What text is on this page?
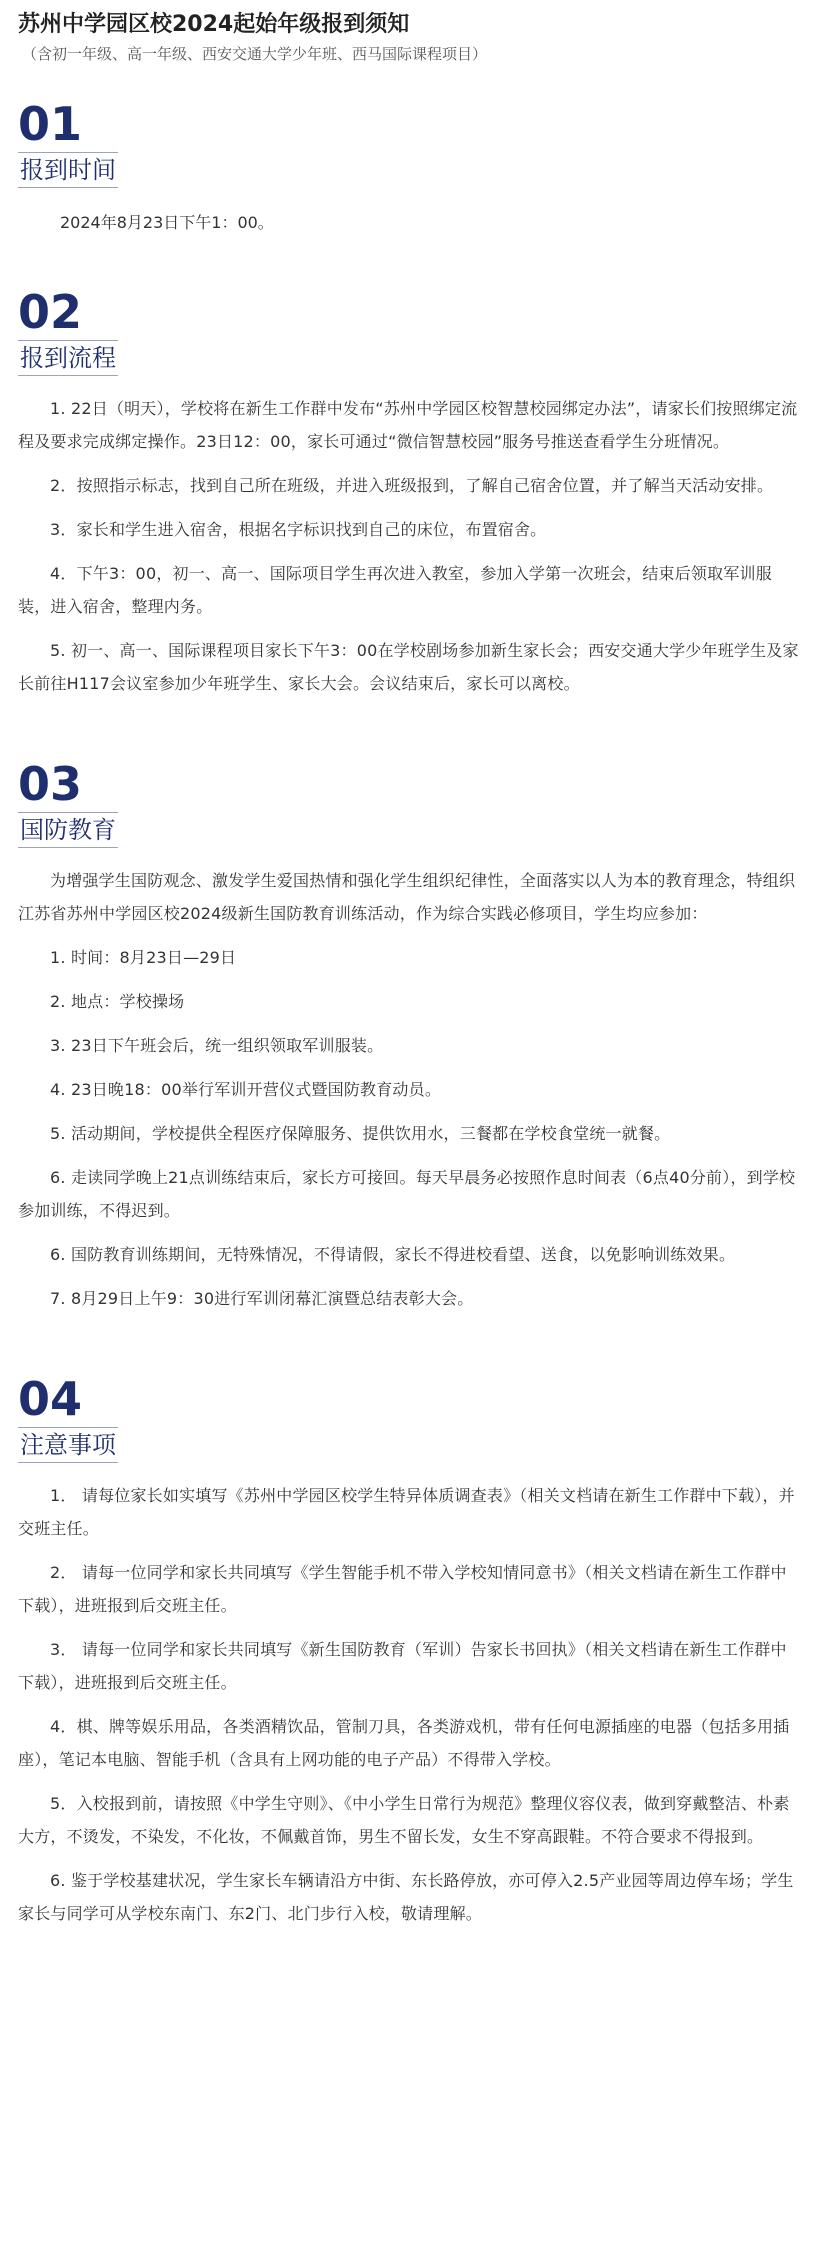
苏州中学园区校2024起始年级报到须知
（含初一年级、高一年级、西安交通大学少年班、西马国际课程项目）
01
报到时间
2024年8月23日下午1：00。
02
报到流程

1. 22日（明天），学校将在新生工作群中发布“苏州中学园区校智慧校园绑定办法”，请家长们按照绑定流程及要求完成绑定操作。23日12：00，家长可通过“微信智慧校园”服务号推送查看学生分班情况。

2．按照指示标志，找到自己所在班级，并进入班级报到，了解自己宿舍位置，并了解当天活动安排。

3．家长和学生进入宿舍，根据名字标识找到自己的床位，布置宿舍。

4．下午3：00，初一、高一、国际项目学生再次进入教室，参加入学第一次班会，结束后领取军训服装，进入宿舍，整理内务。

5. 初一、高一、国际课程项目家长下午3：00在学校剧场参加新生家长会；西安交通大学少年班学生及家长前往H117会议室参加少年班学生、家长大会。会议结束后，家长可以离校。

03
国防教育

为增强学生国防观念、激发学生爱国热情和强化学生组织纪律性，全面落实以人为本的教育理念，特组织江苏省苏州中学园区校2024级新生国防教育训练活动，作为综合实践必修项目，学生均应参加：

1. 时间：8月23日—29日

2. 地点：学校操场

3. 23日下午班会后，统一组织领取军训服装。

4. 23日晚18：00举行军训开营仪式暨国防教育动员。

5. 活动期间，学校提供全程医疗保障服务、提供饮用水，三餐都在学校食堂统一就餐。

6. 走读同学晚上21点训练结束后，家长方可接回。每天早晨务必按照作息时间表（6点40分前），到学校参加训练，不得迟到。

6. 国防教育训练期间，无特殊情况，不得请假，家长不得进校看望、送食，以免影响训练效果。

7. 8月29日上午9：30进行军训闭幕汇演暨总结表彰大会。

04
注意事项

1． 请每位家长如实填写《苏州中学园区校学生特异体质调查表》（相关文档请在新生工作群中下载），并交班主任。

2． 请每一位同学和家长共同填写《学生智能手机不带入学校知情同意书》（相关文档请在新生工作群中下载），进班报到后交班主任。

3． 请每一位同学和家长共同填写《新生国防教育（军训）告家长书回执》（相关文档请在新生工作群中下载），进班报到后交班主任。

4．棋、牌等娱乐用品，各类酒精饮品，管制刀具，各类游戏机，带有任何电源插座的电器（包括多用插座），笔记本电脑、智能手机（含具有上网功能的电子产品）不得带入学校。

5．入校报到前，请按照《中学生守则》、《中小学生日常行为规范》整理仪容仪表，做到穿戴整洁、朴素大方，不烫发，不染发，不化妆，不佩戴首饰，男生不留长发，女生不穿高跟鞋。不符合要求不得报到。

6. 鉴于学校基建状况，学生家长车辆请沿方中街、东长路停放，亦可停入2.5产业园等周边停车场；学生家长与同学可从学校东南门、东2门、北门步行入校，敬请理解。
